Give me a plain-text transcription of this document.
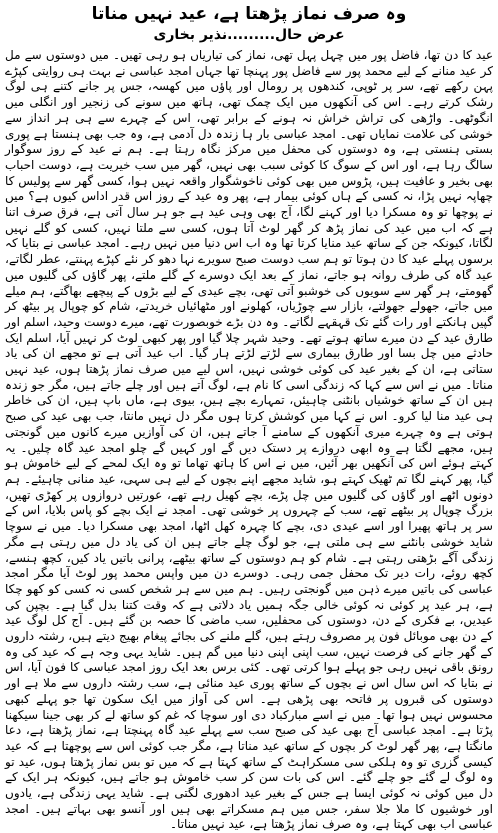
وہ صرف نماز پڑھتا ہے، عید نہیں مناتا
عرض حال.........نذیر بخاری

عید کا دن تھا، فاضل پور میں چہل پہل تھی، نماز کی تیاریاں ہو رہی تھیں۔ میں دوستوں سے مل کر عید منانے کے لیے محمد پور سے فاضل پور پہنچا تھا جہاں امجد عباسی نے بہت ہی روایتی کپڑے پہن رکھے تھے، سر پر ٹوپی، کندھوں پر رومال اور پاؤں میں کھسہ، جس پر جانے کتنے ہی لوگ رشک کرتے رہے۔ اس کی آنکھوں میں ایک چمک تھی، ہاتھ میں سونے کی زنجیر اور انگلی میں انگوٹھی۔ واڑھی کی تراش خراش نہ ہونے کے برابر تھی، اس کے چہرے سے ہی ہر انداز سے خوشی کی علامت نمایاں تھی۔ امجد عباسی بار ہا زندہ دل آدمی ہے، وہ جب بھی ہنستا ہے پوری بستی ہنستی ہے، وہ دوستوں کی محفل میں مرکز نگاہ رہتا ہے۔ ہم نے عید کے روز سوگوار سالگ رہا ہے، اور اس کے سوگ کا کوئی سبب بھی نہیں، گھر میں سب خیریت ہے، دوست احباب بھی بخیر و عافیت ہیں، پڑوس میں بھی کوئی ناخوشگوار واقعہ نہیں ہوا، کسی گھر سے پولیس کا چھاپہ نہیں پڑا، نہ کسی کے ہاں کوئی بیمار ہے، پھر وہ عید کے روز اس قدر اداس کیوں ہے؟ میں نے پوچھا تو وہ مسکرا دیا اور کہنے لگا، آج بھی وہی عید ہے جو ہر سال آتی ہے، فرق صرف اتنا ہے کہ اب میں عید کی نماز پڑھ کر گھر لوٹ آتا ہوں، کسی سے ملتا نہیں، کسی کو گلے نہیں لگاتا، کیونکہ جن کے ساتھ عید منایا کرتا تھا وہ اب اس دنیا میں نہیں رہے۔ امجد عباسی نے بتایا کہ برسوں پہلے عید کا دن ہوتا تو ہم سب دوست صبح سویرے نہا دھو کر نئے کپڑے پہنتے، عطر لگاتے، عید گاہ کی طرف روانہ ہو جاتے، نماز کے بعد ایک دوسرے کے گلے ملتے، پھر گاؤں کی گلیوں میں گھومتے، ہر گھر سے سویوں کی خوشبو آتی تھی، بچے عیدی کے لیے بڑوں کے پیچھے بھاگتے، ہم میلے میں جاتے، جھولے جھولتے، بازار سے چوڑیاں، کھلونے اور مٹھائیاں خریدتے، شام کو چوپال پر بیٹھ کر گپیں ہانکتے اور رات گئے تک قہقہے لگاتے۔ وہ دن بڑے خوبصورت تھے، میرے دوست وحید، اسلم اور طارق عید کے دن میرے ساتھ ہوتے تھے۔ وحید شہر چلا گیا اور پھر کبھی لوٹ کر نہیں آیا، اسلم ایک حادثے میں چل بسا اور طارق بیماری سے لڑتے لڑتے ہار گیا۔ اب عید آتی ہے تو مجھے ان کی یاد ستاتی ہے، ان کے بغیر عید کی کوئی خوشی نہیں، اس لیے میں صرف نماز پڑھتا ہوں، عید نہیں مناتا۔ میں نے اس سے کہا کہ زندگی اسی کا نام ہے، لوگ آتے ہیں اور چلے جاتے ہیں، مگر جو زندہ ہیں ان کے ساتھ خوشیاں بانٹنی چاہیئں، تمہارے بچے ہیں، بیوی ہے، ماں باپ ہیں، ان کی خاطر ہی عید منا لیا کرو۔ اس نے کہا میں کوشش کرتا ہوں مگر دل نہیں مانتا، جب بھی عید کی صبح ہوتی ہے وہ چہرے میری آنکھوں کے سامنے آ جاتے ہیں، ان کی آوازیں میرے کانوں میں گونجتی ہیں، مجھے لگتا ہے وہ ابھی دروازے پر دستک دیں گے اور کہیں گے چلو امجد عید گاہ چلیں۔ یہ کہتے ہوئے اس کی آنکھیں بھر آئیں، میں نے اس کا ہاتھ تھاما تو وہ ایک لمحے کے لیے خاموش ہو گیا، پھر کہنے لگا تم ٹھیک کہتے ہو، شاید مجھے اپنے بچوں کے لیے ہی سہی، عید منانی چاہیئے۔ ہم دونوں اٹھے اور گاؤں کی گلیوں میں چل پڑے، بچے کھیل رہے تھے، عورتیں دروازوں پر کھڑی تھیں، بزرگ چوپال پر بیٹھے تھے، سب کے چہروں پر خوشی تھی۔ امجد نے ایک بچے کو پاس بلایا، اس کے سر پر ہاتھ پھیرا اور اسے عیدی دی، بچے کا چہرہ کھل اٹھا، امجد بھی مسکرا دیا۔ میں نے سوچا شاید خوشی بانٹنے سے ہی ملتی ہے، جو لوگ چلے جاتے ہیں ان کی یاد دل میں رہتی ہے مگر زندگی آگے بڑھتی رہتی ہے۔ شام کو ہم دوستوں کے ساتھ بیٹھے، پرانی باتیں یاد کیں، کچھ ہنسے، کچھ روئے، رات دیر تک محفل جمی رہی۔ دوسرے دن میں واپس محمد پور لوٹ آیا مگر امجد عباسی کی باتیں میرے ذہن میں گونجتی رہیں۔ ہم میں سے ہر شخص کسی نہ کسی کو کھو چکا ہے، ہر عید پر کوئی نہ کوئی خالی جگہ ہمیں یاد دلاتی ہے کہ وقت کتنا بدل گیا ہے۔ بچپن کی عیدیں، بے فکری کے دن، دوستوں کی محفلیں، سب ماضی کا حصہ بن گئے ہیں۔ آج کل لوگ عید کے دن بھی موبائل فون پر مصروف رہتے ہیں، گلے ملنے کی بجائے پیغام بھیج دیتے ہیں، رشتہ داروں کے گھر جانے کی فرصت نہیں، سب اپنی اپنی دنیا میں گم ہیں۔ شاید یہی وجہ ہے کہ عید کی وہ رونق باقی نہیں رہی جو پہلے ہوا کرتی تھی۔ کئی برس بعد ایک روز امجد عباسی کا فون آیا، اس نے بتایا کہ اس سال اس نے بچوں کے ساتھ پوری عید منائی ہے، سب رشتہ داروں سے ملا ہے اور دوستوں کی قبروں پر فاتحہ بھی پڑھی ہے۔ اس کی آواز میں ایک سکون تھا جو پہلے کبھی محسوس نہیں ہوا تھا۔ میں نے اسے مبارکباد دی اور سوچا کہ غم کو ساتھ لے کر بھی جینا سیکھنا پڑتا ہے۔ امجد عباسی آج بھی عید کی صبح سب سے پہلے عید گاہ پہنچتا ہے، نماز پڑھتا ہے، دعا مانگتا ہے، پھر گھر لوٹ کر بچوں کے ساتھ عید مناتا ہے، مگر جب کوئی اس سے پوچھتا ہے کہ عید کیسی گزری تو وہ ہلکی سی مسکراہٹ کے ساتھ کہتا ہے کہ میں تو بس نماز پڑھتا ہوں، عید تو وہ لوگ لے گئے جو چلے گئے۔ اس کی بات سن کر سب خاموش ہو جاتے ہیں، کیونکہ ہر ایک کے دل میں کوئی نہ کوئی ایسا ہے جس کے بغیر عید ادھوری لگتی ہے۔ شاید یہی زندگی ہے، یادوں اور خوشیوں کا ملا جلا سفر، جس میں ہم مسکراتے بھی ہیں اور آنسو بھی بہاتے ہیں۔ امجد عباسی اب بھی کہتا ہے، وہ صرف نماز پڑھتا ہے، عید نہیں مناتا۔
